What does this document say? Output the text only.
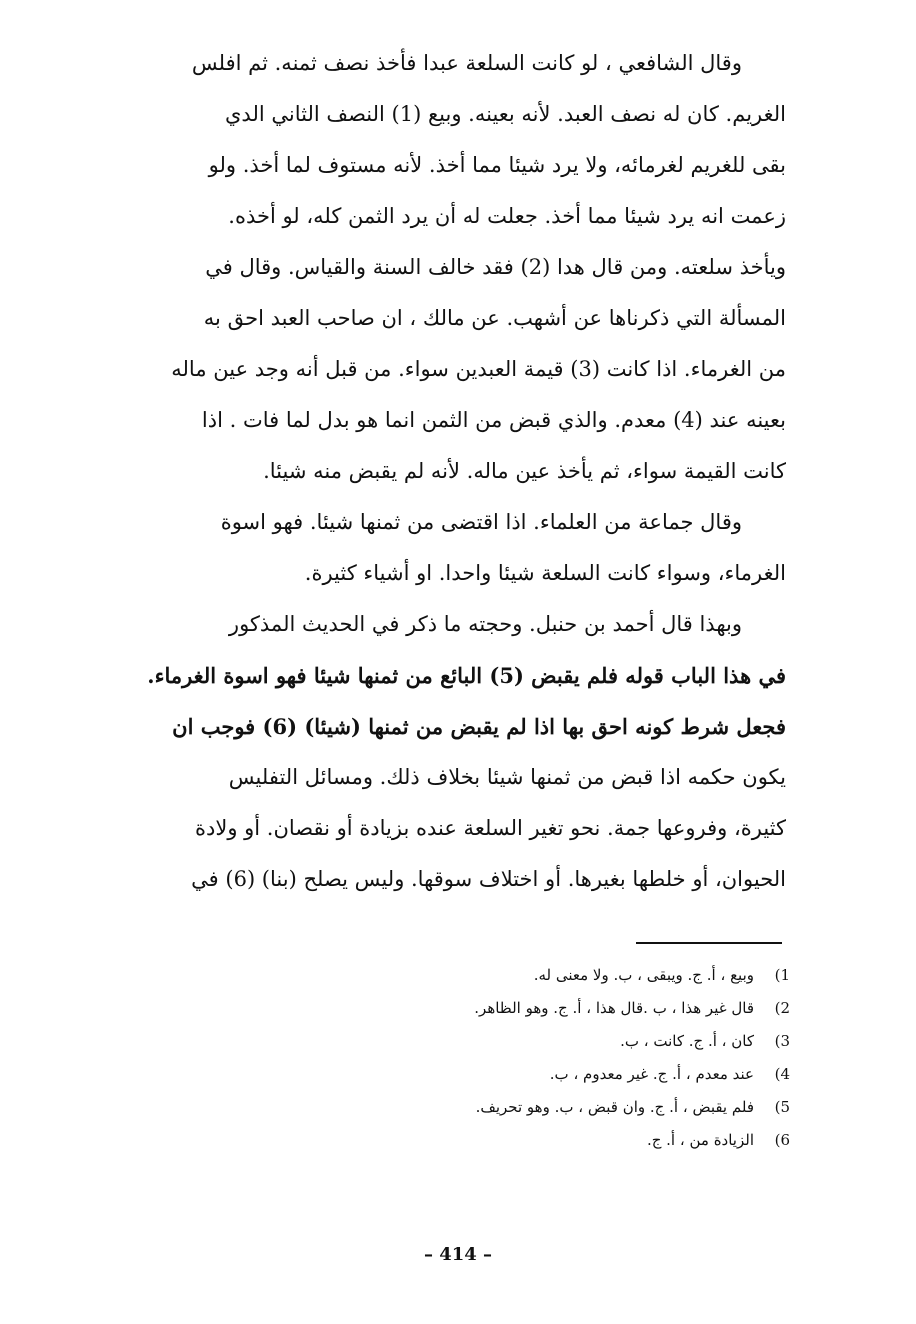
وقال الشافعي ، لو كانت السلعة عبدا فأخذ نصف ثمنه. ثم افلس
الغريم. كان له نصف العبد. لأنه بعينه. وبيع (1) النصف الثاني الدي
بقى للغريم لغرمائه، ولا يرد شيئا مما أخذ. لأنه مستوف لما أخذ. ولو
زعمت انه يرد شيئا مما أخذ. جعلت له أن يرد الثمن كله، لو أخذه.
ويأخذ سلعته. ومن قال هدا (2) فقد خالف السنة والقياس. وقال في
المسألة التي ذكرناها عن أشهب. عن مالك ، ان صاحب العبد احق به
من الغرماء. اذا كانت (3) قيمة العبدين سواء. من قبل أنه وجد عين ماله
بعينه عند (4) معدم. والذي قبض من الثمن انما هو بدل لما فات . اذا
كانت القيمة سواء، ثم يأخذ عين ماله. لأنه لم يقبض منه شيئا.
وقال جماعة من العلماء. اذا اقتضى من ثمنها شيئا. فهو اسوة
الغرماء، وسواء كانت السلعة شيئا واحدا. او أشياء كثيرة.
وبهذا قال أحمد بن حنبل. وحجته ما ذكر في الحديث المذكور
في هذا الباب قوله فلم يقبض (5) البائع من ثمنها شيئا فهو اسوة الغرماء.
فجعل شرط كونه احق بها اذا لم يقبض من ثمنها (شيئا) (6) فوجب ان
يكون حكمه اذا قبض من ثمنها شيئا بخلاف ذلك. ومسائل التفليس
كثيرة، وفروعها جمة. نحو تغير السلعة عنده بزيادة أو نقصان. أو ولادة
الحيوان، أو خلطها بغيرها. أو اختلاف سوقها. وليس يصلح (بنا) (6) في
1)
وبيع ، أ. ج. ويبقى ، ب. ولا معنى له.
2)
قال غير هذا ، ب .قال هذا ، أ. ج. وهو الظاهر.
3)
كان ، أ. ج. كانت ، ب.
4)
عند معدم ، أ. ج. غير معدوم ، ب.
5)
فلم يقبض ، أ. ج. وان قبض ، ب. وهو تحريف.
6)
الزيادة من ، أ. ج.
– 414 –
